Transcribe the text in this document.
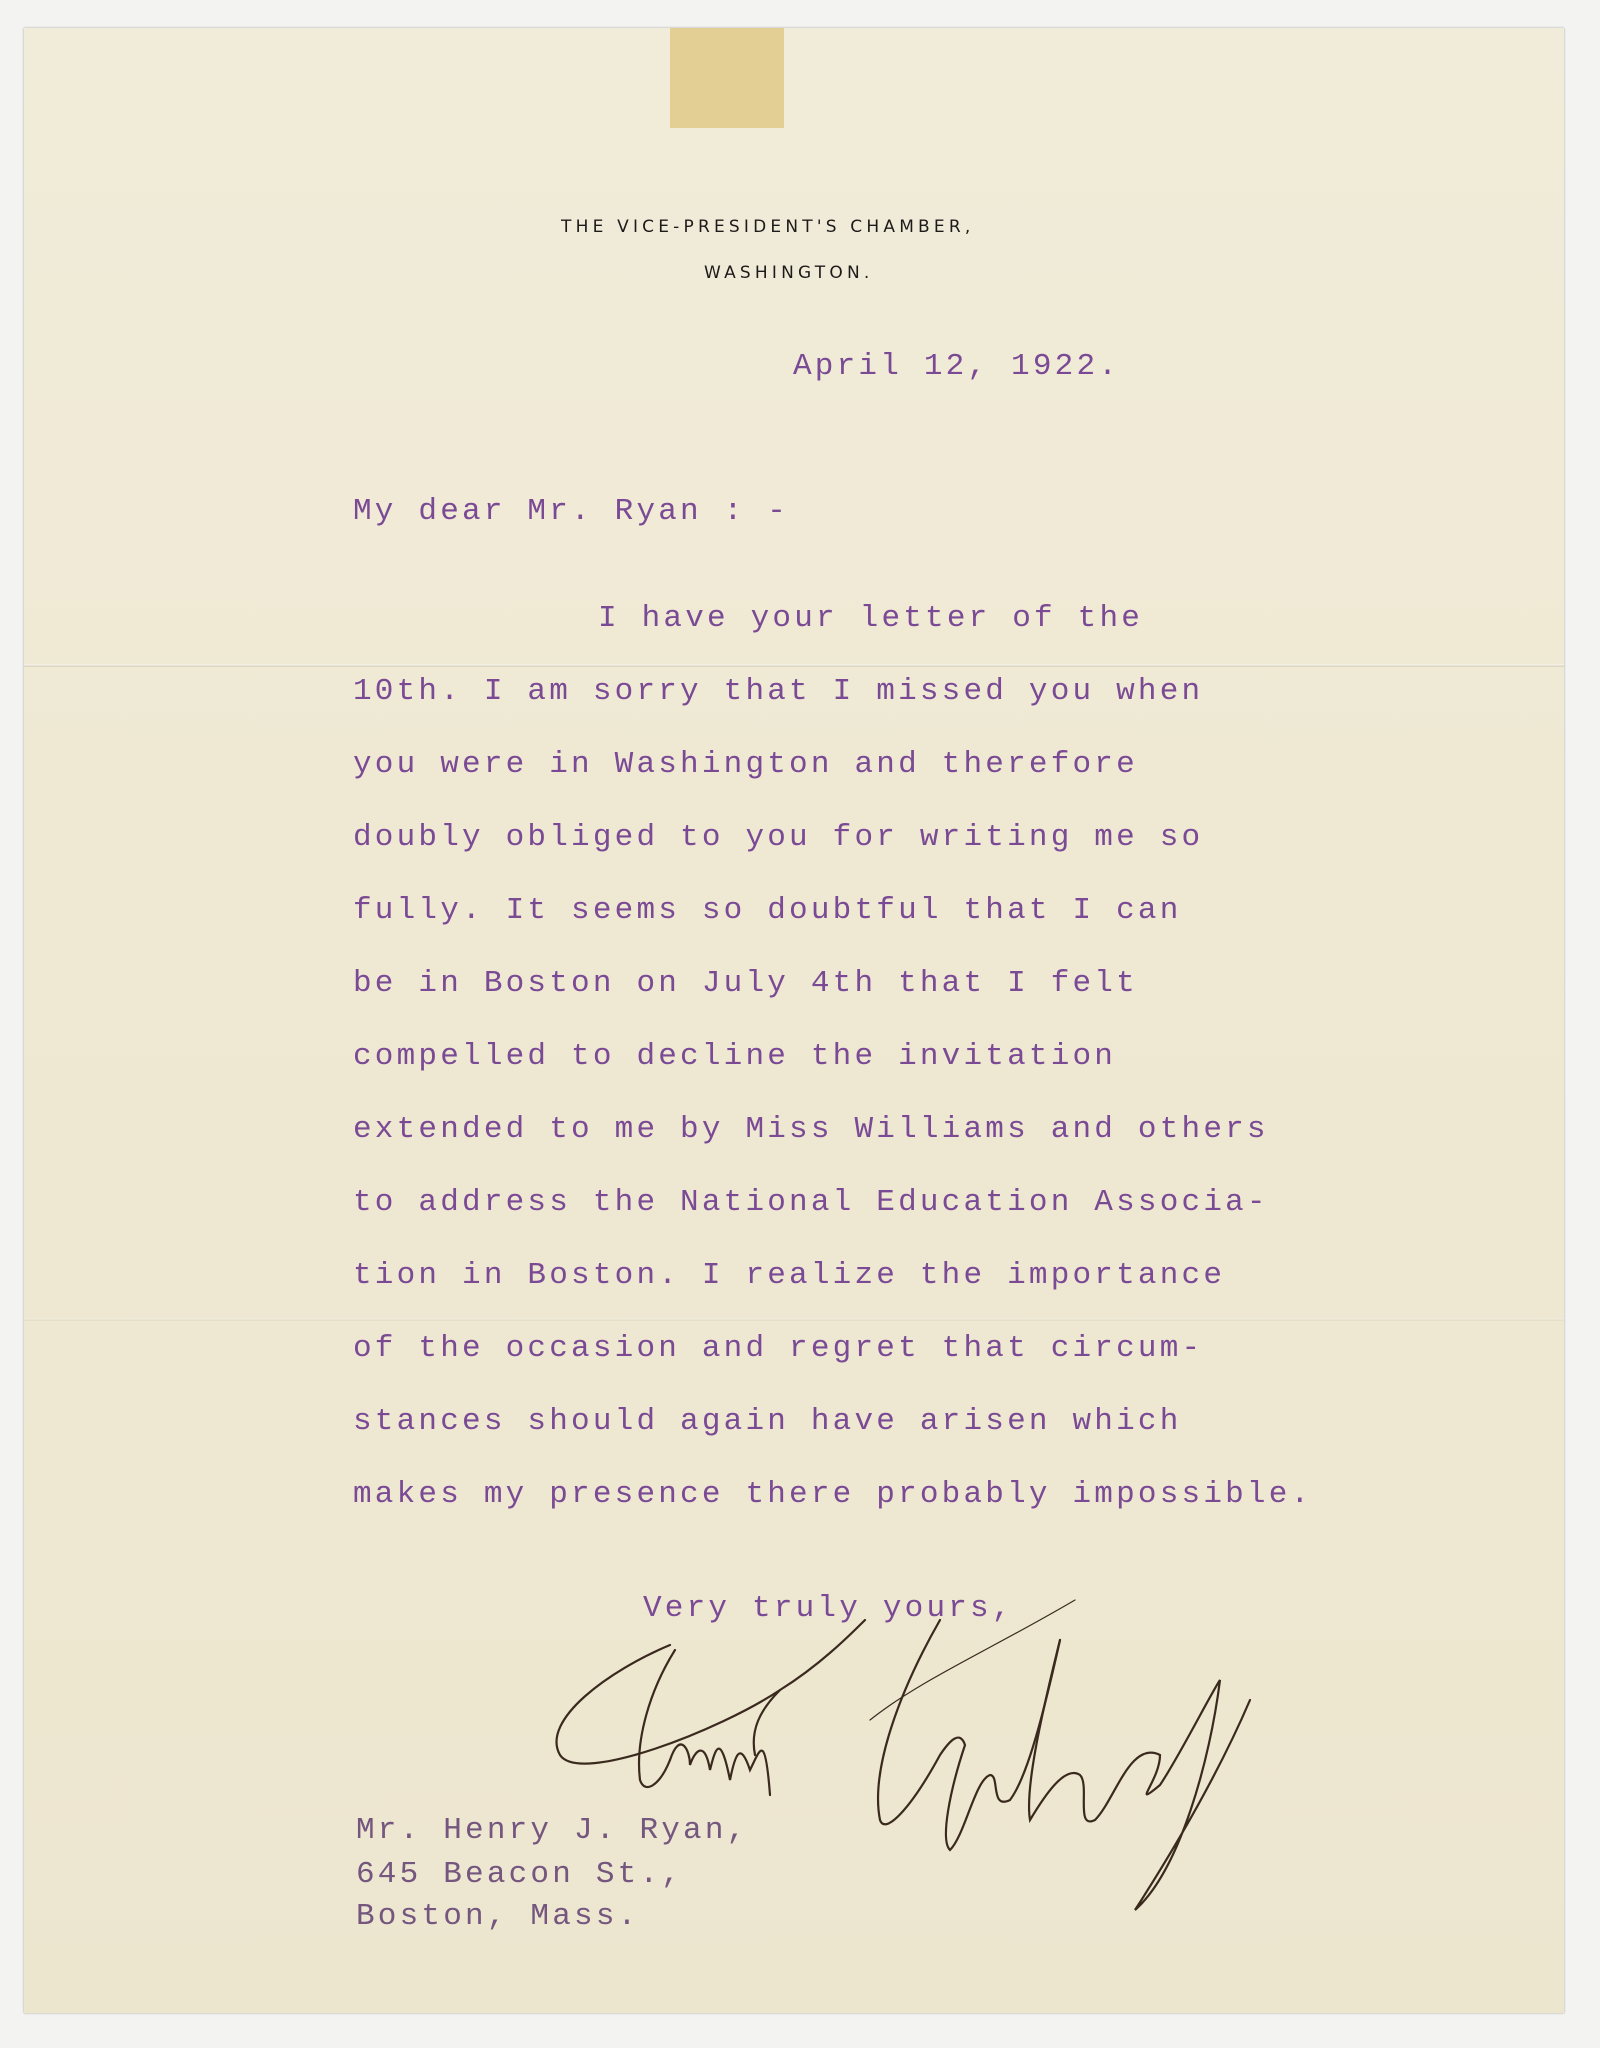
THE VICE-PRESIDENT'S CHAMBER,
WASHINGTON.
April 12, 1922.
My dear Mr. Ryan : -
I have your letter of the
10th. I am sorry that I missed you when
you were in Washington and therefore
doubly obliged to you for writing me so
fully. It seems so doubtful that I can
be in Boston on July 4th that I felt
compelled to decline the invitation
extended to me by Miss Williams and others
to address the National Education Associa-
tion in Boston. I realize the importance
of the occasion and regret that circum-
stances should again have arisen which
makes my presence there probably impossible.
Very truly yours,
Mr. Henry J. Ryan,
645 Beacon St.,
Boston, Mass.
